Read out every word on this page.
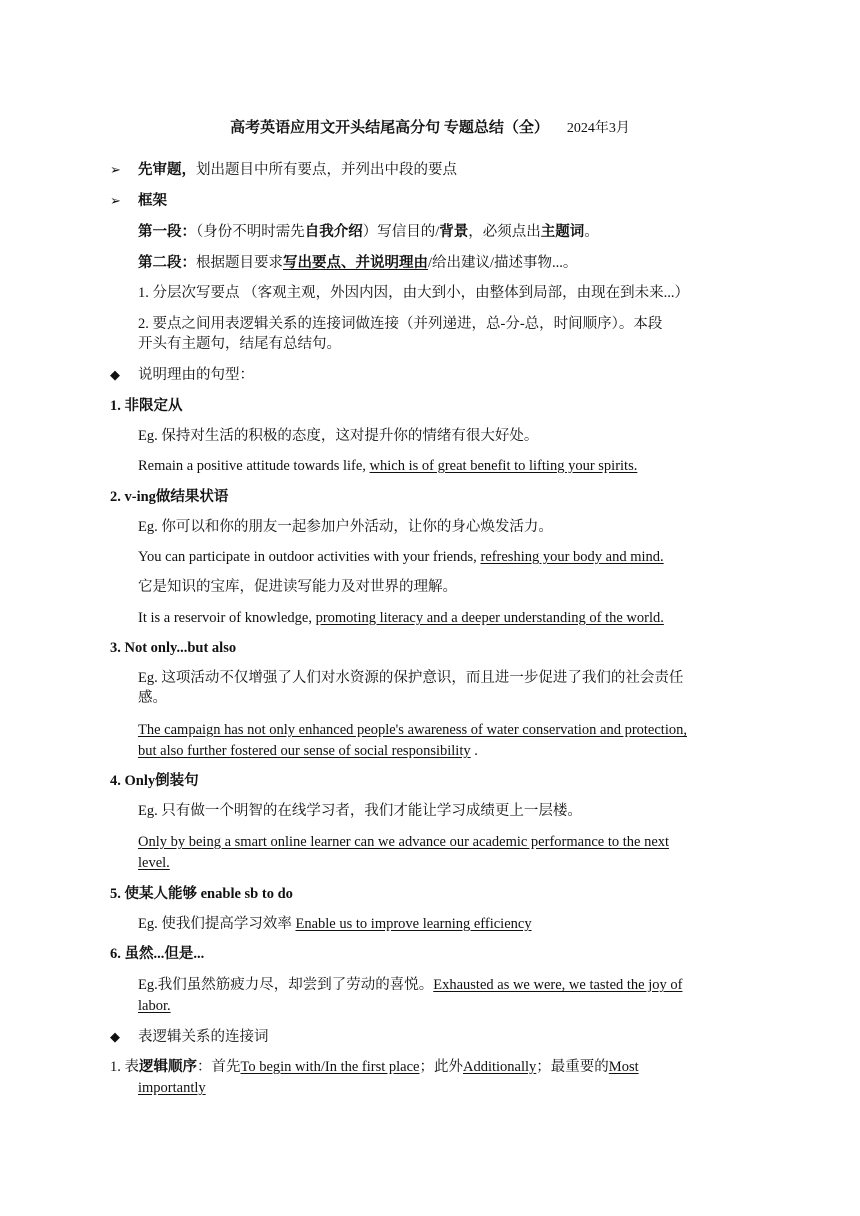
高考英语应用文开头结尾高分句 专题总结（全） 2024年3月
➢ 先审题，划出题目中所有要点，并列出中段的要点
➢ 框架
第一段：（身份不明时需先自我介绍）写信目的/背景，必须点出主题词。
第二段：根据题目要求写出要点、并说明理由/给出建议/描述事物...。
1. 分层次写要点 （客观主观，外因内因，由大到小，由整体到局部，由现在到未来...）
2. 要点之间用表逻辑关系的连接词做连接（并列递进，总-分-总，时间顺序）。本段
开头有主题句，结尾有总结句。
◆ 说明理由的句型：
1. 非限定从
Eg. 保持对生活的积极的态度，这对提升你的情绪有很大好处。
Remain a positive attitude towards life, which is of great benefit to lifting your spirits.
2. v-ing做结果状语
Eg. 你可以和你的朋友一起参加户外活动，让你的身心焕发活力。
You can participate in outdoor activities with your friends, refreshing your body and mind.
它是知识的宝库，促进读写能力及对世界的理解。
It is a reservoir of knowledge, promoting literacy and a deeper understanding of the world.
3. Not only...but also
Eg. 这项活动不仅增强了人们对水资源的保护意识，而且进一步促进了我们的社会责任
感。
The campaign has not only enhanced people's awareness of water conservation and protection,
but also further fostered our sense of social responsibility .
4. Only倒装句
Eg. 只有做一个明智的在线学习者，我们才能让学习成绩更上一层楼。
Only by being a smart online learner can we advance our academic performance to the next
level.
5. 使某人能够 enable sb to do
Eg. 使我们提高学习效率 Enable us to improve learning efficiency
6. 虽然...但是...
Eg.我们虽然筋疲力尽，却尝到了劳动的喜悦。Exhausted as we were, we tasted the joy of
labor.
◆ 表逻辑关系的连接词
1. 表逻辑顺序：首先To begin with/In the first place；此外Additionally；最重要的Most
importantly
